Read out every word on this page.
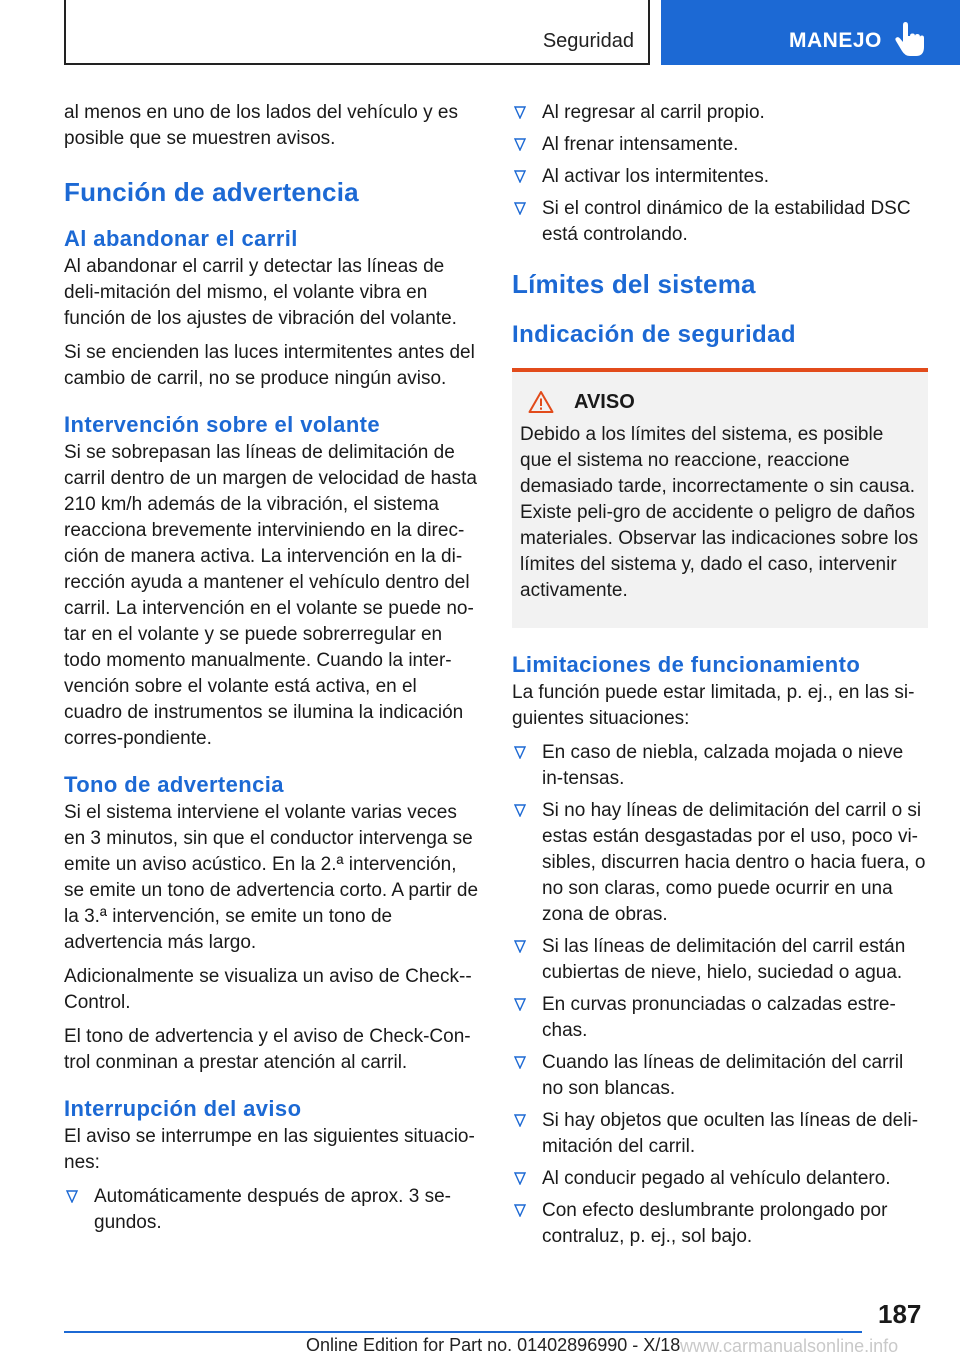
Seguridad	MANEJO

al menos en uno de los lados del vehículo y es posible que se muestren avisos.

Función de advertencia
Al abandonar el carril

Al abandonar el carril y detectar las líneas de deli-mitación del mismo, el volante vibra en función de los ajustes de vibración del volante.

Si se encienden las luces intermitentes antes del cambio de carril, no se produce ningún aviso.

Intervención sobre el volante

Si se sobrepasan las líneas de delimitación de carril dentro de un margen de velocidad de hasta 210 km/h además de la vibración, el sistema reacciona brevemente interviniendo en la direc-ción de manera activa. La intervención en la di-rección ayuda a mantener el vehículo dentro del carril. La intervención en el volante se puede no-tar en el volante y se puede sobrerregular en todo momento manualmente. Cuando la inter-vención sobre el volante está activa, en el cuadro de instrumentos se ilumina la indicación corres-pondiente.

Tono de advertencia

Si el sistema interviene el volante varias veces en 3 minutos, sin que el conductor intervenga se emite un aviso acústico. En la 2.ª intervención, se emite un tono de advertencia corto. A partir de la 3.ª intervención, se emite un tono de advertencia más largo.

Adicionalmente se visualiza un aviso de Check--Control.

El tono de advertencia y el aviso de Check-Con-trol conminan a prestar atención al carril.

Interrupción del aviso

El aviso se interrumpe en las siguientes situacio-nes:

Automáticamente después de aprox. 3 se-gundos.
Al regresar al carril propio.
Al frenar intensamente.
Al activar los intermitentes.
Si el control dinámico de la estabilidad DSC está controlando.
Límites del sistema
Indicación de seguridad
AVISO

Debido a los límites del sistema, es posible que el sistema no reaccione, reaccione demasiado tarde, incorrectamente o sin causa. Existe peli-gro de accidente o peligro de daños materiales. Observar las indicaciones sobre los límites del sistema y, dado el caso, intervenir activamente.

Limitaciones de funcionamiento

La función puede estar limitada, p. ej., en las si-guientes situaciones:

En caso de niebla, calzada mojada o nieve in-tensas.
Si no hay líneas de delimitación del carril o si estas están desgastadas por el uso, poco vi-sibles, discurren hacia dentro o hacia fuera, o no son claras, como puede ocurrir en una zona de obras.
Si las líneas de delimitación del carril están cubiertas de nieve, hielo, suciedad o agua.
En curvas pronunciadas o calzadas estre-chas.
Cuando las líneas de delimitación del carril no son blancas.
Si hay objetos que oculten las líneas de deli-mitación del carril.
Al conducir pegado al vehículo delantero.
Con efecto deslumbrante prolongado por contraluz, p. ej., sol bajo.
187
Online Edition for Part no. 01402896990 - X/18 www.carmanualsonline.info
